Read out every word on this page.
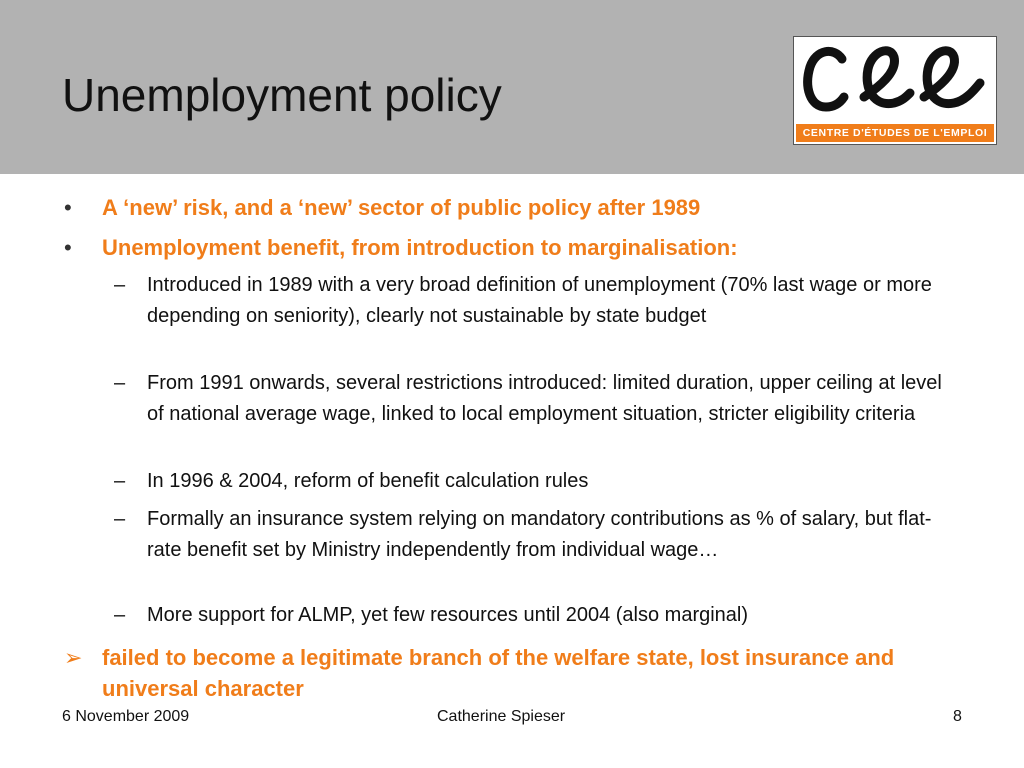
Unemployment policy
CENTRE D'ÉTUDES DE L'EMPLOI
•	A ‘new’ risk, and a ‘new’ sector of public policy after 1989
•	Unemployment benefit, from introduction to marginalisation:
– Introduced in 1989 with a very broad definition of unemployment (70% last wage or more depending on seniority), clearly not sustainable by state budget
– From 1991 onwards, several restrictions introduced: limited duration, upper ceiling at level of national average wage, linked to local employment situation, stricter eligibility criteria
– In 1996 & 2004, reform of benefit calculation rules
– Formally an insurance system relying on mandatory contributions as % of salary, but flat-rate benefit set by Ministry independently from individual wage…
– More support for ALMP, yet few resources until 2004 (also marginal)
➢ failed to become a legitimate branch of the welfare state, lost insurance and universal character
6 November 2009	Catherine Spieser	8
